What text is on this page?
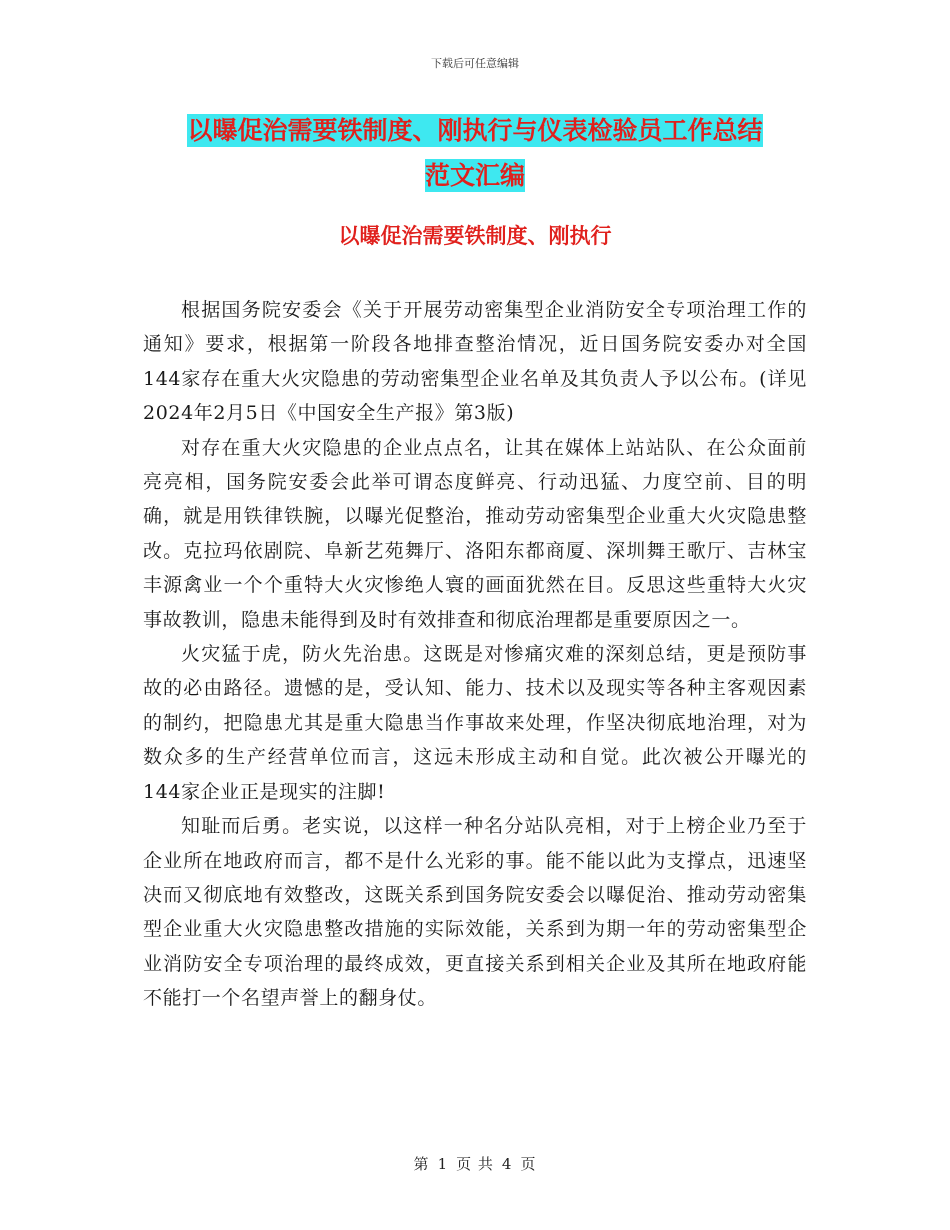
下载后可任意编辑
以曝促治需要铁制度、刚执行与仪表检验员工作总结
范文汇编
以曝促治需要铁制度、刚执行

根据国务院安委会《关于开展劳动密集型企业消防安全专项治理工作的通知》要求，根据第一阶段各地排查整治情况，近日国务院安委办对全国144家存在重大火灾隐患的劳动密集型企业名单及其负责人予以公布。(详见2024年2月5日《中国安全生产报》第3版)

对存在重大火灾隐患的企业点点名，让其在媒体上站站队、在公众面前亮亮相，国务院安委会此举可谓态度鲜亮、行动迅猛、力度空前、目的明确，就是用铁律铁腕，以曝光促整治，推动劳动密集型企业重大火灾隐患整改。克拉玛依剧院、阜新艺苑舞厅、洛阳东都商厦、深圳舞王歌厅、吉林宝丰源禽业一个个重特大火灾惨绝人寰的画面犹然在目。反思这些重特大火灾事故教训，隐患未能得到及时有效排查和彻底治理都是重要原因之一。

火灾猛于虎，防火先治患。这既是对惨痛灾难的深刻总结，更是预防事故的必由路径。遗憾的是，受认知、能力、技术以及现实等各种主客观因素的制约，把隐患尤其是重大隐患当作事故来处理，作坚决彻底地治理，对为数众多的生产经营单位而言，这远未形成主动和自觉。此次被公开曝光的144家企业正是现实的注脚!

知耻而后勇。老实说，以这样一种名分站队亮相，对于上榜企业乃至于企业所在地政府而言，都不是什么光彩的事。能不能以此为支撑点，迅速坚决而又彻底地有效整改，这既关系到国务院安委会以曝促治、推动劳动密集型企业重大火灾隐患整改措施的实际效能，关系到为期一年的劳动密集型企业消防安全专项治理的最终成效，更直接关系到相关企业及其所在地政府能不能打一个名望声誉上的翻身仗。

第 1 页 共 4 页
